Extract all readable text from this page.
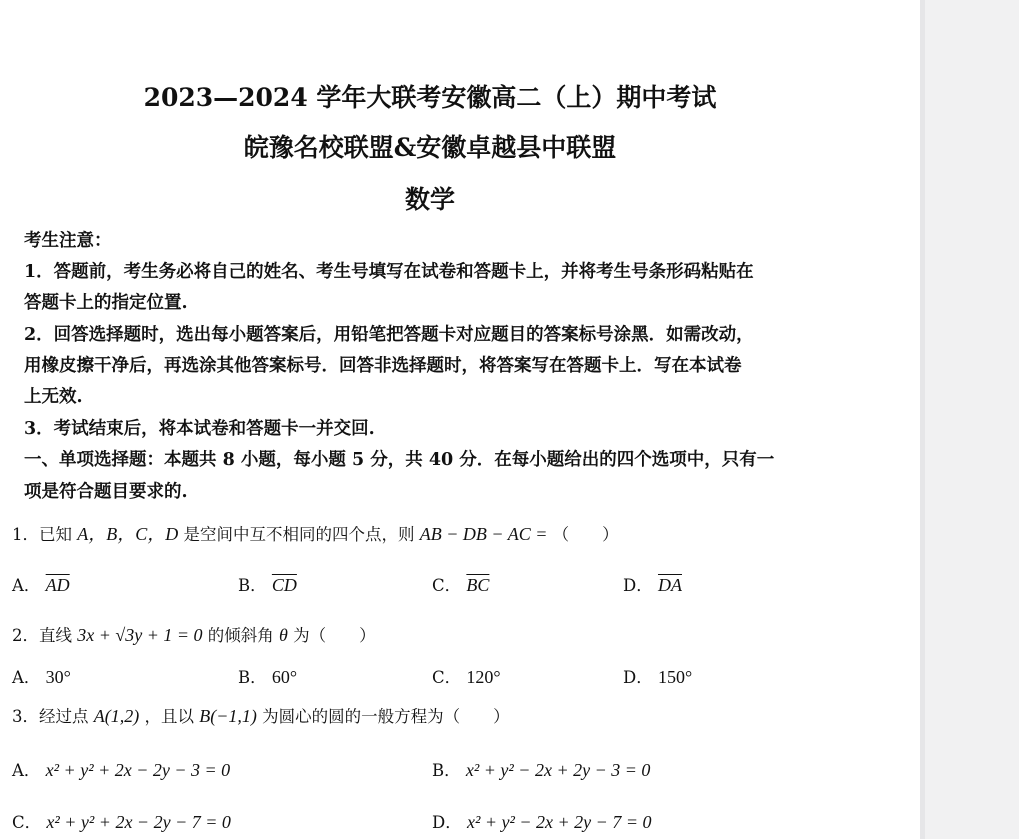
2023—2024 学年大联考安徽高二（上）期中考试
皖豫名校联盟&安徽卓越县中联盟
数学
考生注意：
1．答题前，考生务必将自己的姓名、考生号填写在试卷和答题卡上，并将考生号条形码粘贴在
答题卡上的指定位置.
2．回答选择题时，选出每小题答案后，用铅笔把答题卡对应题目的答案标号涂黑．如需改动，
用橡皮擦干净后，再选涂其他答案标号．回答非选择题时，将答案写在答题卡上．写在本试卷
上无效.
3．考试结束后，将本试卷和答题卡一并交回.
一、单项选择题：本题共 8 小题，每小题 5 分，共 40 分．在每小题给出的四个选项中，只有一
项是符合题目要求的.
1．已知 A，B，C，D 是空间中互不相同的四个点，则 AB − DB − AC = （　　）
A． $\overline{AD}$	B． $\overline{CD}$	C． $\overline{BC}$	D． $\overline{DA}$
2．直线 3x + √3y + 1 = 0 的倾斜角 θ 为（　　）
A． 30°	B． 60°	C． 120°	D． 150°
3．经过点 A(1,2) ，且以 B(−1,1) 为圆心的圆的一般方程为（　　）
A． x² + y² + 2x − 2y − 3 = 0	B． x² + y² − 2x + 2y − 3 = 0
C． x² + y² + 2x − 2y − 7 = 0	D． x² + y² − 2x + 2y − 7 = 0
